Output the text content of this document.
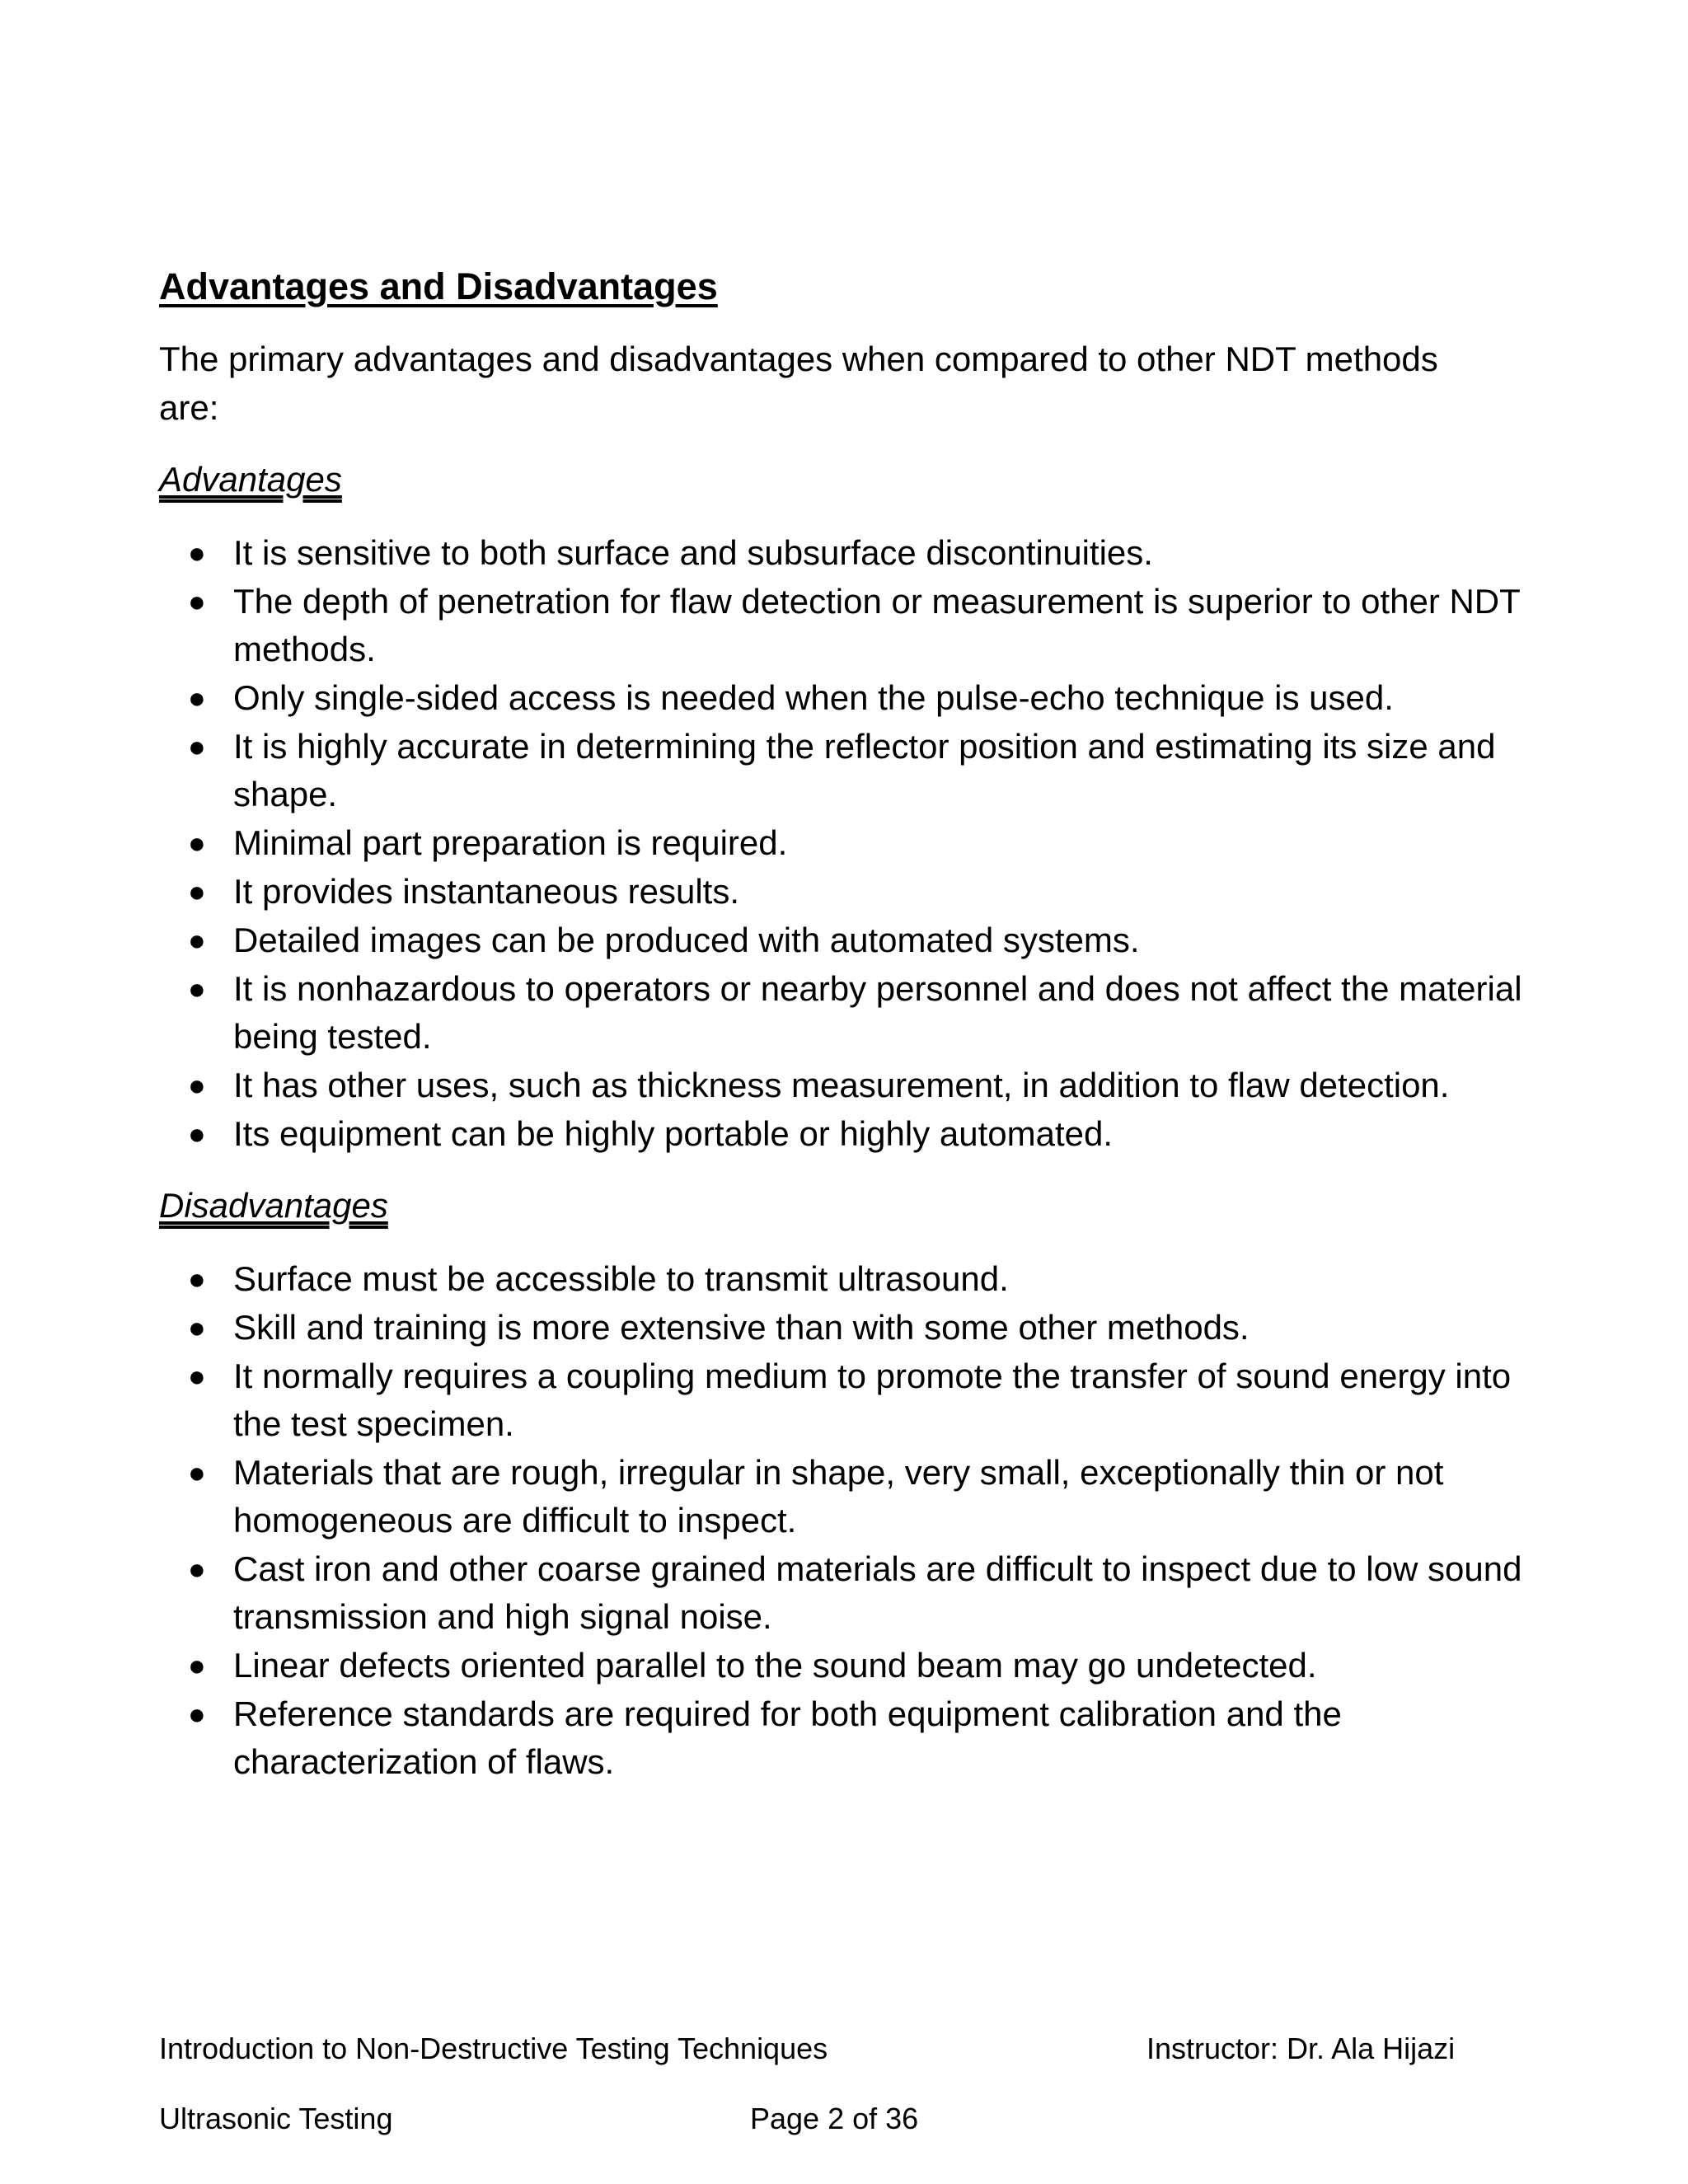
Advantages and Disadvantages
The primary advantages and disadvantages when compared to other NDT methods are:
Advantages
● It is sensitive to both surface and subsurface discontinuities.
● The depth of penetration for flaw detection or measurement is superior to other NDT methods.
● Only single-sided access is needed when the pulse-echo technique is used.
● It is highly accurate in determining the reflector position and estimating its size and shape.
● Minimal part preparation is required.
● It provides instantaneous results.
● Detailed images can be produced with automated systems.
● It is nonhazardous to operators or nearby personnel and does not affect the material being tested.
● It has other uses, such as thickness measurement, in addition to flaw detection.
● Its equipment can be highly portable or highly automated.
Disadvantages
● Surface must be accessible to transmit ultrasound.
● Skill and training is more extensive than with some other methods.
● It normally requires a coupling medium to promote the transfer of sound energy into the test specimen.
● Materials that are rough, irregular in shape, very small, exceptionally thin or not homogeneous are difficult to inspect.
● Cast iron and other coarse grained materials are difficult to inspect due to low sound transmission and high signal noise.
● Linear defects oriented parallel to the sound beam may go undetected.
● Reference standards are required for both equipment calibration and the characterization of flaws.
Introduction to Non-Destructive Testing Techniques	Instructor: Dr. Ala Hijazi
Ultrasonic Testing	Page 2 of 36
